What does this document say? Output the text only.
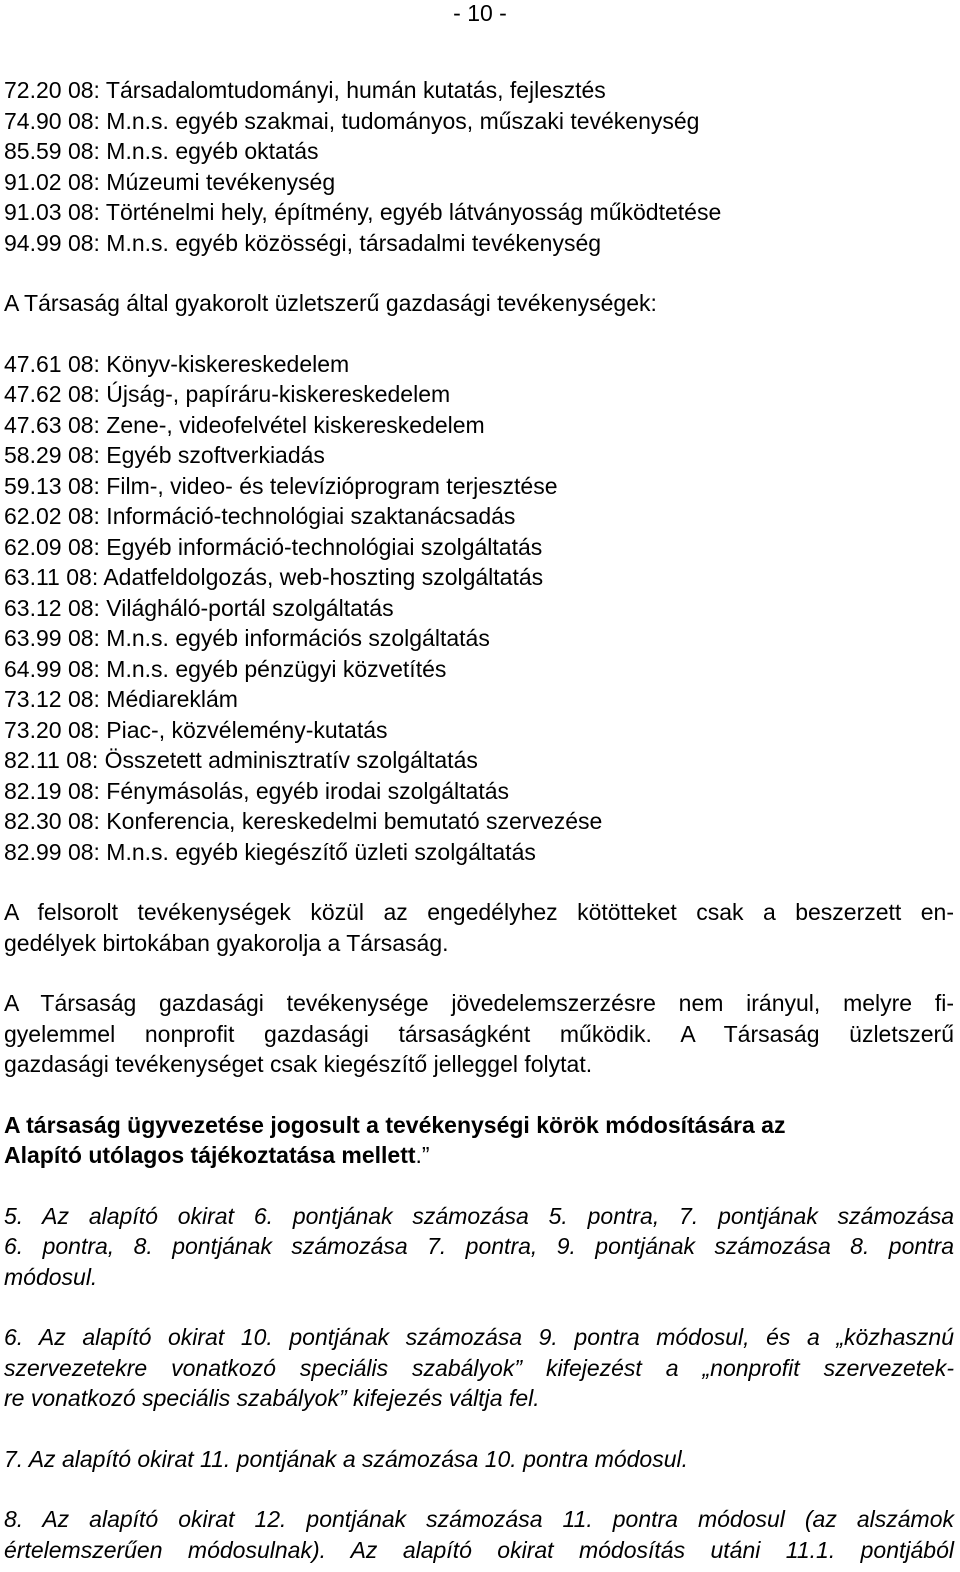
- 10 -
72.20 08: Társadalomtudományi, humán kutatás, fejlesztés
74.90 08: M.n.s. egyéb szakmai, tudományos, műszaki tevékenység
85.59 08: M.n.s. egyéb oktatás
91.02 08: Múzeumi tevékenység
91.03 08: Történelmi hely, építmény, egyéb látványosság működtetése
94.99 08: M.n.s. egyéb közösségi, társadalmi tevékenység
A Társaság által gyakorolt üzletszerű gazdasági tevékenységek:
47.61 08: Könyv-kiskereskedelem
47.62 08: Újság-, papíráru-kiskereskedelem
47.63 08: Zene-, videofelvétel kiskereskedelem
58.29 08: Egyéb szoftverkiadás
59.13 08: Film-, video- és televízióprogram terjesztése
62.02 08: Információ-technológiai szaktanácsadás
62.09 08: Egyéb információ-technológiai szolgáltatás
63.11 08: Adatfeldolgozás, web-hoszting szolgáltatás
63.12 08: Világháló-portál szolgáltatás
63.99 08: M.n.s. egyéb információs szolgáltatás
64.99 08: M.n.s. egyéb pénzügyi közvetítés
73.12 08: Médiareklám
73.20 08: Piac-, közvélemény-kutatás
82.11 08: Összetett adminisztratív szolgáltatás
82.19 08: Fénymásolás, egyéb irodai szolgáltatás
82.30 08: Konferencia, kereskedelmi bemutató szervezése
82.99 08: M.n.s. egyéb kiegészítő üzleti szolgáltatás
A felsorolt tevékenységek közül az engedélyhez kötötteket csak a beszerzett en-
gedélyek birtokában gyakorolja a Társaság.
A Társaság gazdasági tevékenysége jövedelemszerzésre nem irányul, melyre fi-
gyelemmel nonprofit gazdasági társaságként működik. A Társaság üzletszerű
gazdasági tevékenységet csak kiegészítő jelleggel folytat.
A társaság ügyvezetése jogosult a tevékenységi körök módosítására az
Alapító utólagos tájékoztatása mellett.”
5. Az alapító okirat 6. pontjának számozása 5. pontra, 7. pontjának számozása
6. pontra, 8. pontjának számozása 7. pontra, 9. pontjának számozása 8. pontra
módosul.
6. Az alapító okirat 10. pontjának számozása 9. pontra módosul, és a „közhasznú
szervezetekre vonatkozó speciális szabályok” kifejezést a „nonprofit szervezetek-
re vonatkozó speciális szabályok” kifejezés váltja fel.
7. Az alapító okirat 11. pontjának a számozása 10. pontra módosul.
8. Az alapító okirat 12. pontjának számozása 11. pontra módosul (az alszámok
értelemszerűen módosulnak). Az alapító okirat módosítás utáni 11.1. pontjából
